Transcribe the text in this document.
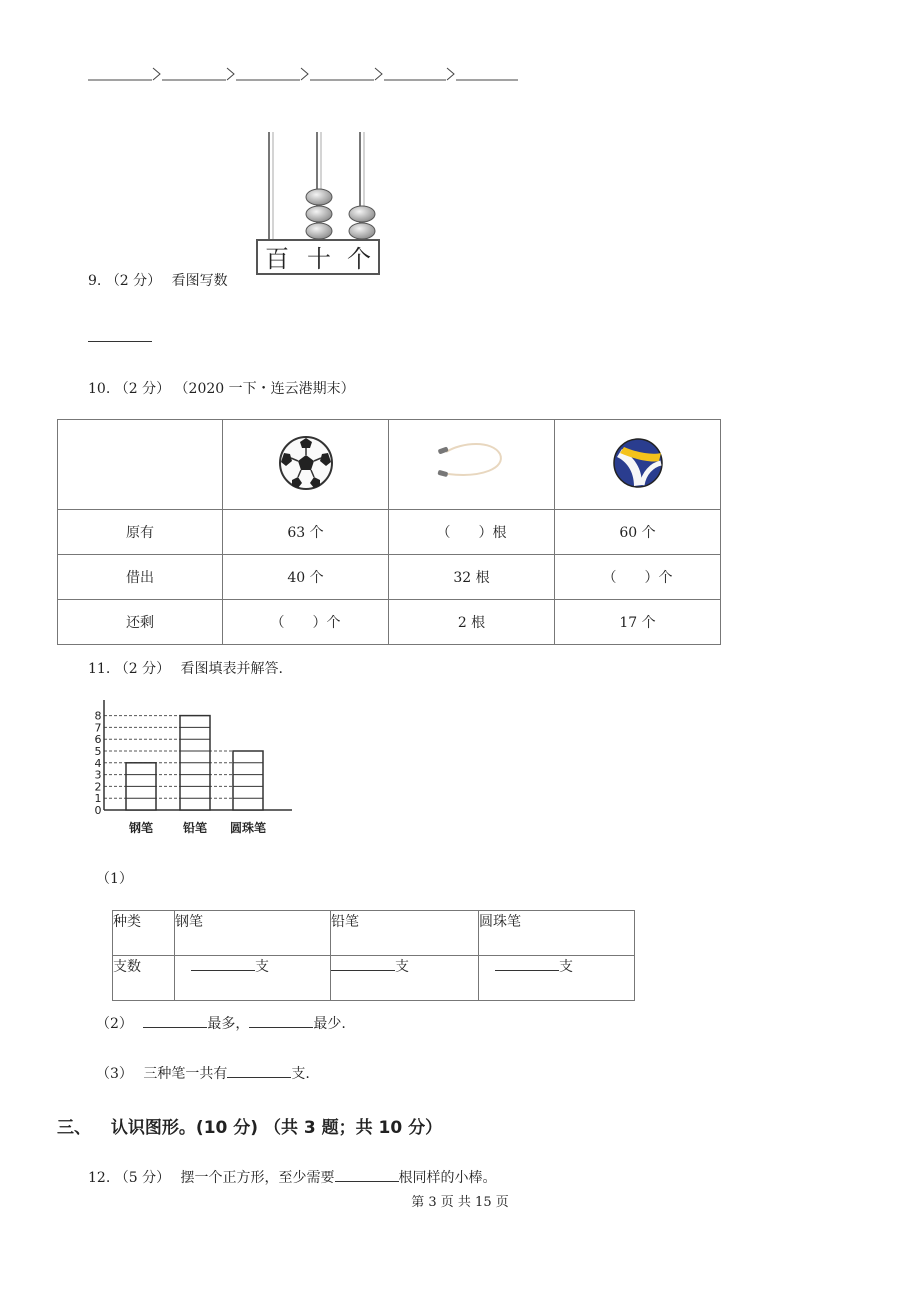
百 十 个
9. （2 分） 看图写数
10. （2 分） （2020 一下・连云港期末）

原有	63 个	（　　）根	60 个
借出	40 个	32 根	（　　）个
还剩	（　　）个	2 根	17 个
11. （2 分） 看图填表并解答.
0
1
2
3
4
5
6
7
8
钢笔 铅笔 圆珠笔
（1）
种类	钢笔	铅笔	圆珠笔
支数	支	支	支
（2）	最多，	最少.
（3） 三种笔一共有	支.
三、 认识图形。(10 分) （共 3 题；共 10 分）
12. （5 分） 摆一个正方形，至少需要	根同样的小棒。
第 3 页 共 15 页
